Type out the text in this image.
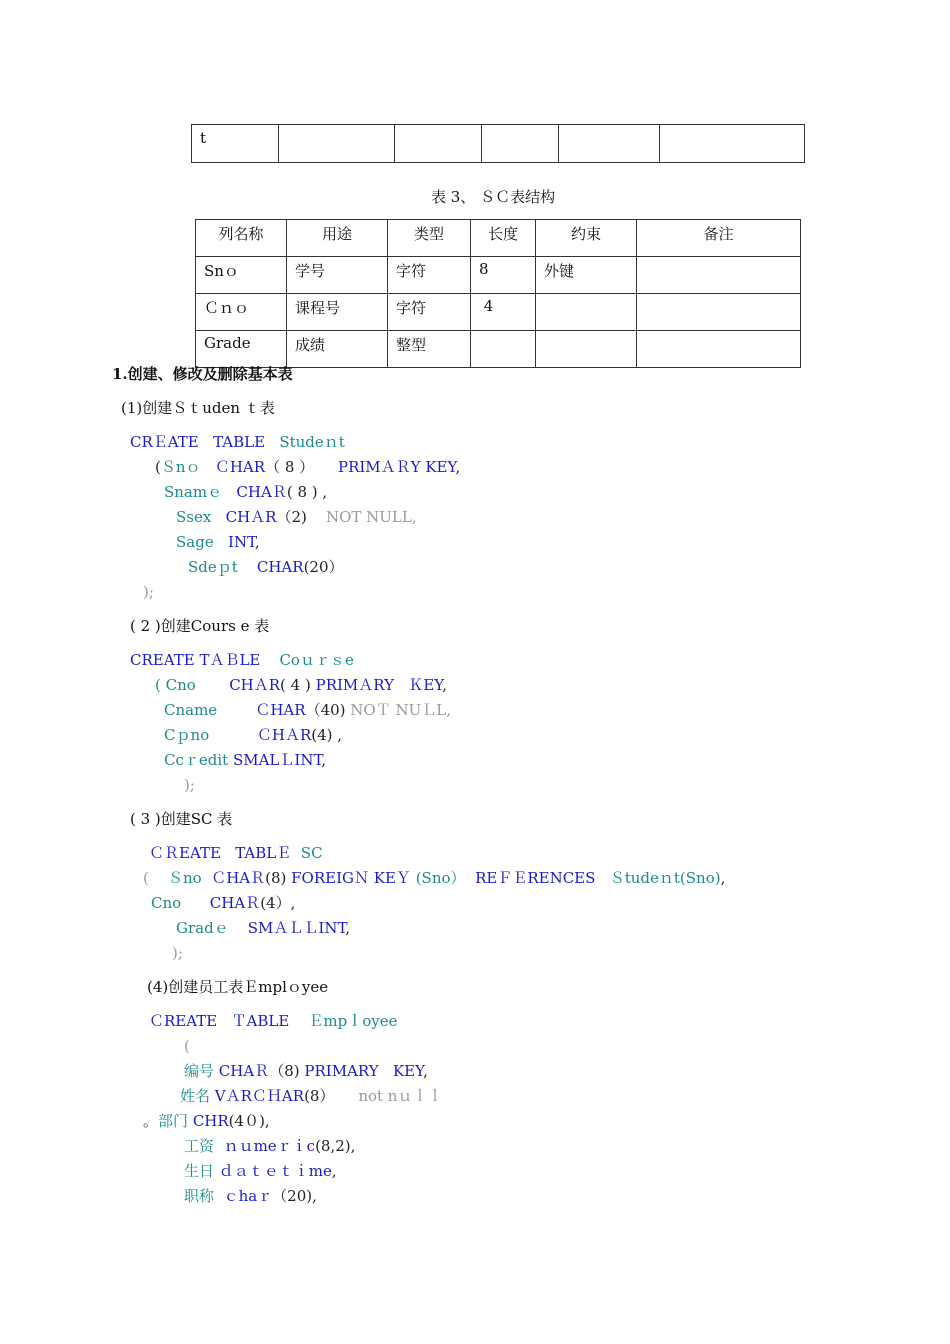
t					
表 3、 ＳＣ表结构
列名称	用途	类型	长度	约束	备注
Snｏ	学号	字符	8	外键	
Ｃｎｏ	课程号	字符	4		
Grade	成绩	整型			
1.创建、修改及删除基本表
(1)创建Ｓｔuden ｔ表
CRＥATE TABLE Studeｎt
(Ｓnｏ ＣHAR（ 8 ） PRIMＡＲY KEY,
Snamｅ CHAＲ( 8 ) ,
Ssex CHＡR（2) NOT NULL,
Sage INT,
Sdeｐt CHAR(20）
);
( 2 )创建Cours e 表
CREATE TＡＢLE Coｕｒｓe
( Cno CHＡR( 4 ) PRIMＡRY ＫEY,
Cname	ＣHAR（40) NOＴ NUＬL,
Cｐno	ＣHＡR(4) ,
Ccｒedit SMALＬINT,
);
( 3 )创建SC 表
ＣＲEATE TABLＥ SC
( Ｓno ＣHAＲ(8) FOREIGＮ KEＹ (Sno） REＦＥRENCES Ｓtudeｎt(Sno),
Cno CHAＲ(4）,
Gradｅ SMＡＬＬINT,
);
(4)创建员工表Ｅmplｏyee
ＣREATE ＴABLE Ｅmpｌoyee
(
编号 CHAＲ（8) PRIMARY KEY,
姓名 VＡRＣＨAR(8） not nｕｌｌ
。部门 CHR(4０),
工资 ｎｕmeｒｉc(8,2),
生日 ｄａｔｅｔｉme,
职称 ｃhaｒ（20),
